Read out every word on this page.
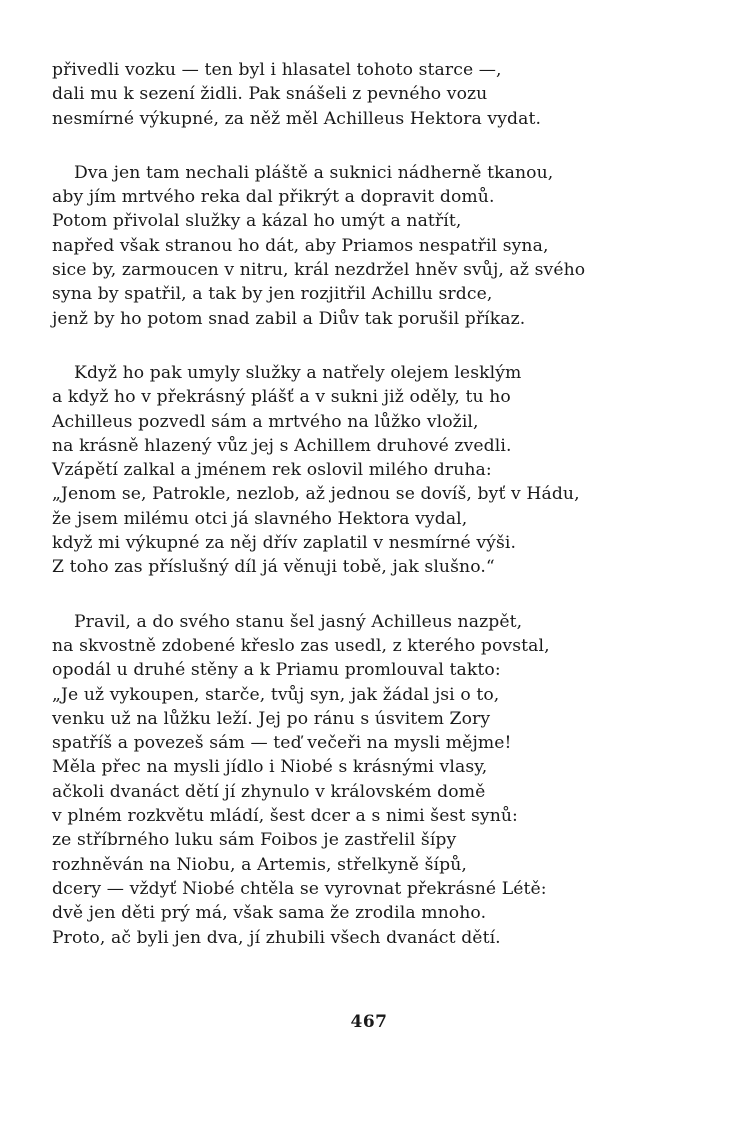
přivedli vozku — ten byl i hlasatel tohoto starce —,
dali mu k sezení židli. Pak snášeli z pevného vozu
nesmírné výkupné, za něž měl Achilleus Hektora vydat.
Dva jen tam nechali pláště a suknici nádherně tkanou,
aby jím mrtvého reka dal přikrýt a dopravit domů.
Potom přivolal služky a kázal ho umýt a natřít,
napřed však stranou ho dát, aby Priamos nespatřil syna,
sice by, zarmoucen v nitru, král nezdržel hněv svůj, až svého
syna by spatřil, a tak by jen rozjitřil Achillu srdce,
jenž by ho potom snad zabil a Diův tak porušil příkaz.
Když ho pak umyly služky a natřely olejem lesklým
a když ho v překrásný plášť a v sukni již oděly, tu ho
Achilleus pozvedl sám a mrtvého na lůžko vložil,
na krásně hlazený vůz jej s Achillem druhové zvedli.
Vzápětí zalkal a jménem rek oslovil milého druha:
„Jenom se, Patrokle, nezlob, až jednou se dovíš, byť v Hádu,
že jsem milému otci já slavného Hektora vydal,
když mi výkupné za něj dřív zaplatil v nesmírné výši.
Z toho zas příslušný díl já věnuji tobě, jak slušno.“
Pravil, a do svého stanu šel jasný Achilleus nazpět,
na skvostně zdobené křeslo zas usedl, z kterého povstal,
opodál u druhé stěny a k Priamu promlouval takto:
„Je už vykoupen, starče, tvůj syn, jak žádal jsi o to,
venku už na lůžku leží. Jej po ránu s úsvitem Zory
spatříš a povezeš sám — teď večeři na mysli mějme!
Měla přec na mysli jídlo i Niobé s krásnými vlasy,
ačkoli dvanáct dětí jí zhynulo v královském domě
v plném rozkvětu mládí, šest dcer a s nimi šest synů:
ze stříbrného luku sám Foibos je zastřelil šípy
rozhněván na Niobu, a Artemis, střelkyně šípů,
dcery — vždyť Niobé chtěla se vyrovnat překrásné Létě:
dvě jen děti prý má, však sama že zrodila mnoho.
Proto, ač byli jen dva, jí zhubili všech dvanáct dětí.
467
